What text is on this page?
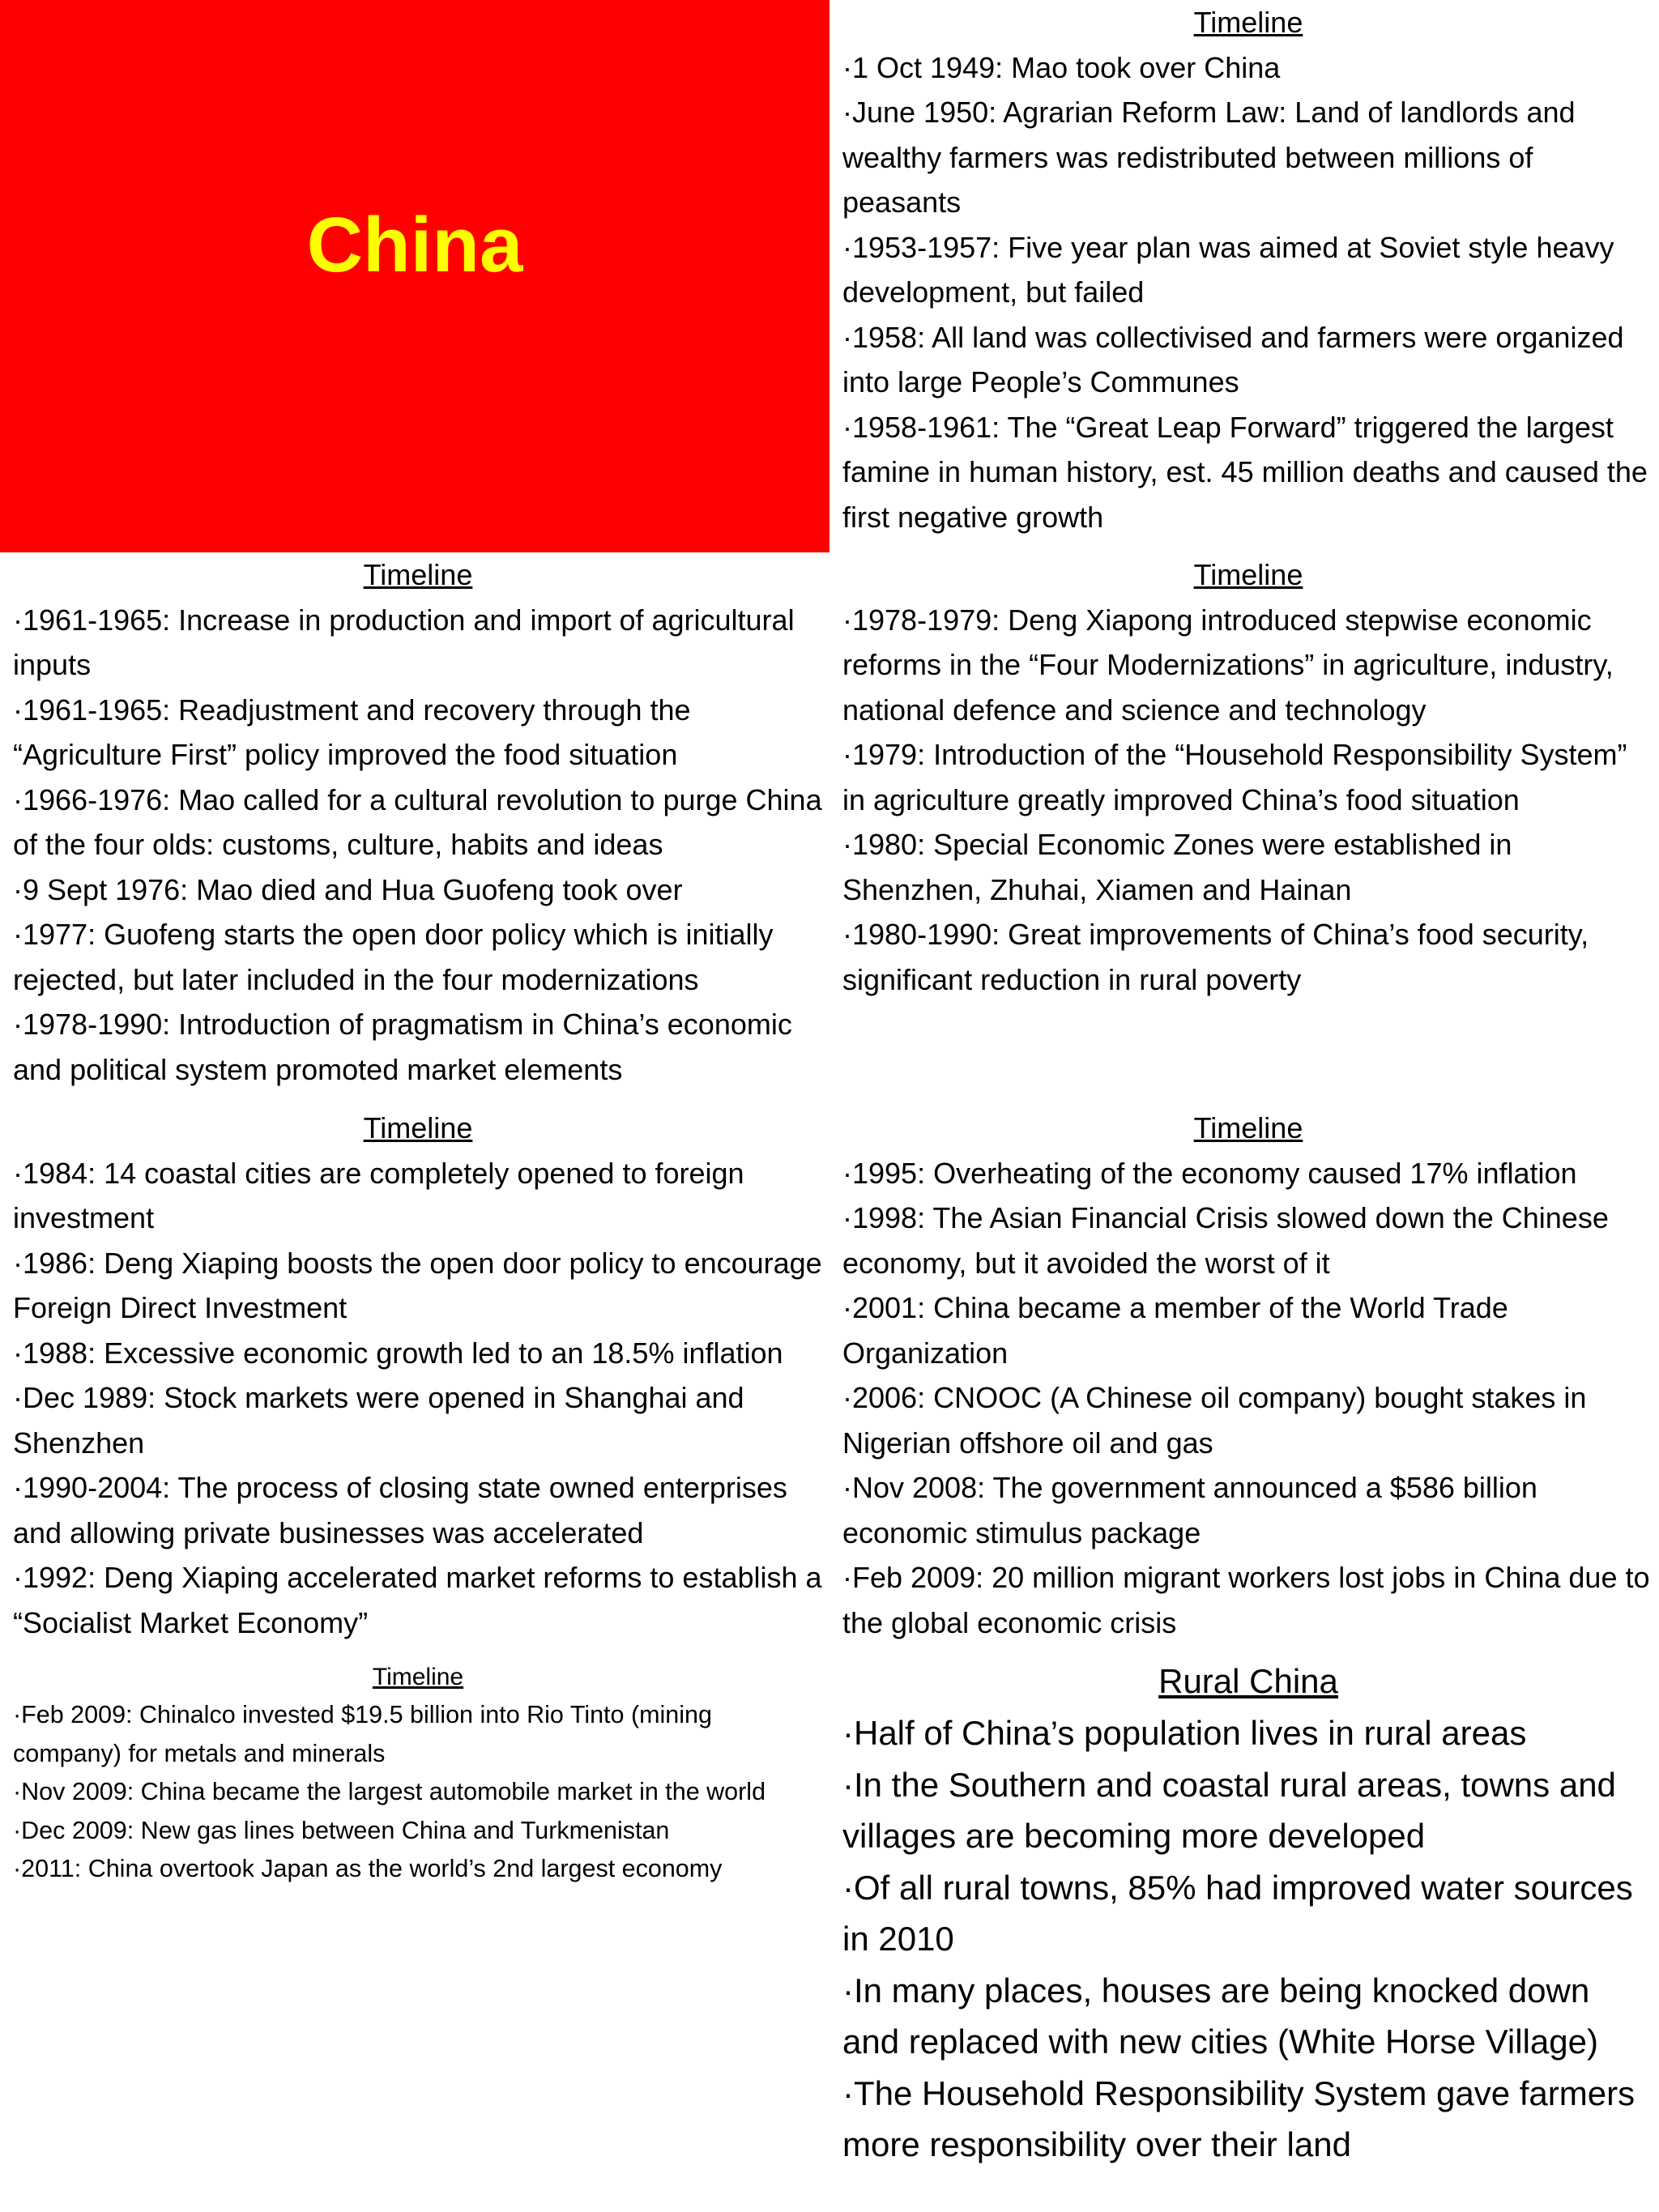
China
Timeline
·1 Oct 1949: Mao took over China
·June 1950: Agrarian Reform Law: Land of landlords and wealthy farmers was redistributed between millions of peasants
·1953-1957: Five year plan was aimed at Soviet style heavy development, but failed
·1958: All land was collectivised and farmers were organized into large People’s Communes
·1958-1961: The “Great Leap Forward” triggered the largest famine in human history, est. 45 million deaths and caused the first negative growth
Timeline
·1961-1965: Increase in production and import of agricultural inputs
·1961-1965: Readjustment and recovery through the “Agriculture First” policy improved the food situation
·1966-1976: Mao called for a cultural revolution to purge China of the four olds: customs, culture, habits and ideas
·9 Sept 1976: Mao died and Hua Guofeng took over
·1977: Guofeng starts the open door policy which is initially rejected, but later included in the four modernizations
·1978-1990: Introduction of pragmatism in China’s economic and political system promoted market elements
Timeline
·1978-1979: Deng Xiapong introduced stepwise economic reforms in the “Four Modernizations” in agriculture, industry, national defence and science and technology
·1979: Introduction of the “Household Responsibility System” in agriculture greatly improved China’s food situation
·1980: Special Economic Zones were established in Shenzhen, Zhuhai, Xiamen and Hainan
·1980-1990: Great improvements of China’s food security, significant reduction in rural poverty
Timeline
·1984: 14 coastal cities are completely opened to foreign investment
·1986: Deng Xiaping boosts the open door policy to encourage Foreign Direct Investment
·1988: Excessive economic growth led to an 18.5% inflation
·Dec 1989: Stock markets were opened in Shanghai and Shenzhen
·1990-2004: The process of closing state owned enterprises and allowing private businesses was accelerated
·1992: Deng Xiaping accelerated market reforms to establish a “Socialist Market Economy”
Timeline
·1995: Overheating of the economy caused 17% inflation
·1998: The Asian Financial Crisis slowed down the Chinese economy, but it avoided the worst of it
·2001: China became a member of the World Trade Organization
·2006: CNOOC (A Chinese oil company) bought stakes in Nigerian offshore oil and gas
·Nov 2008: The government announced a $586 billion economic stimulus package
·Feb 2009: 20 million migrant workers lost jobs in China due to the global economic crisis
Timeline
·Feb 2009: Chinalco invested $19.5 billion into Rio Tinto (mining company) for metals and minerals
·Nov 2009: China became the largest automobile market in the world
·Dec 2009: New gas lines between China and Turkmenistan
·2011: China overtook Japan as the world’s 2nd largest economy
Rural China
·Half of China’s population lives in rural areas
·In the Southern and coastal rural areas, towns and villages are becoming more developed
·Of all rural towns, 85% had improved water sources in 2010
·In many places, houses are being knocked down and replaced with new cities (White Horse Village)
·The Household Responsibility System gave farmers more responsibility over their land
